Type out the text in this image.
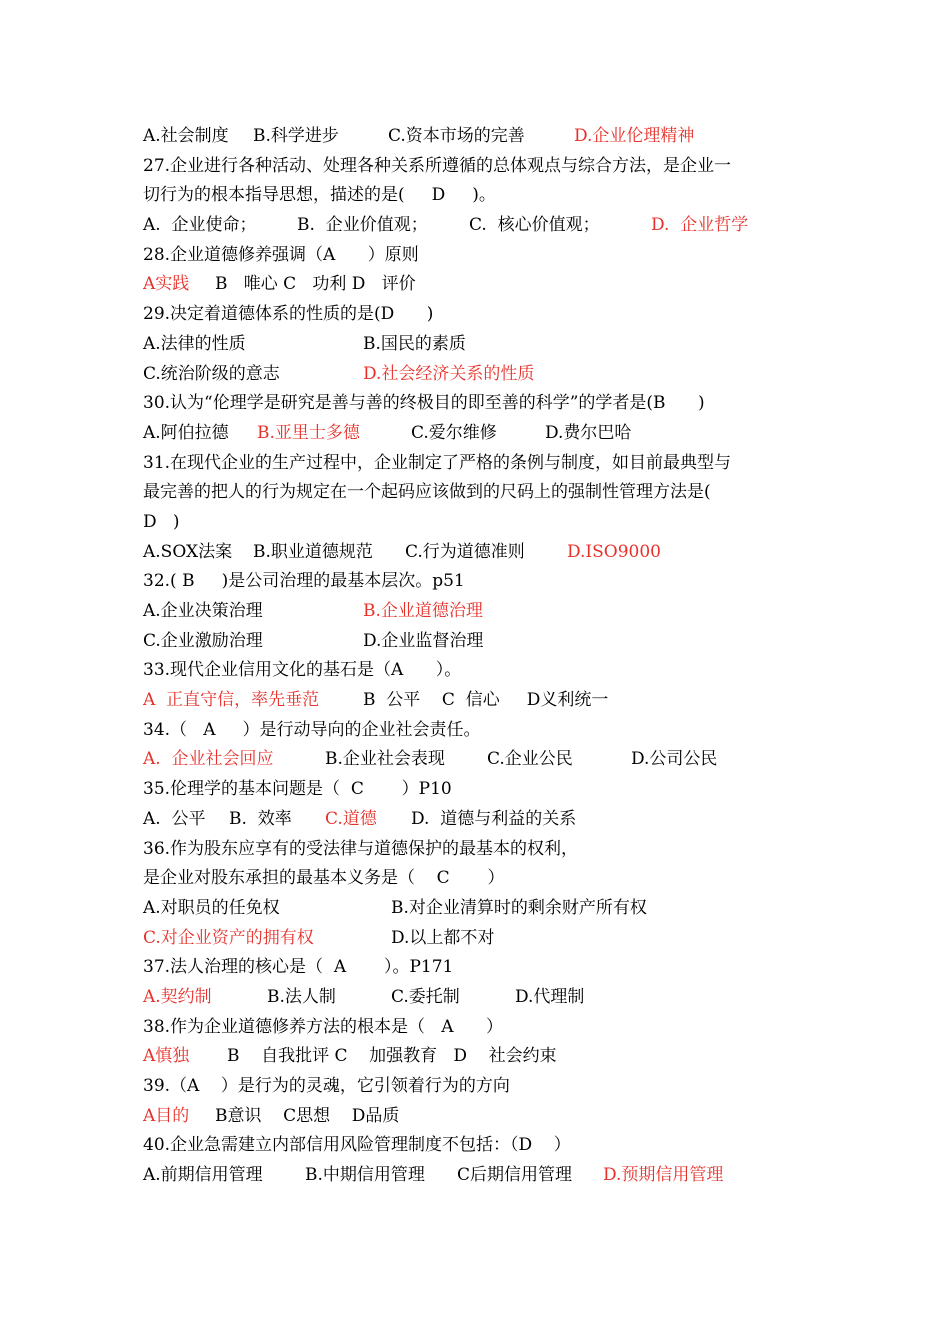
A.社会制度 B.科学进步	C.资本市场的完善	D.企业伦理精神
27.企业进行各种活动、处理各种关系所遵循的总体观点与综合方法，是企业一
切行为的根本指导思想，描述的是(     D     )。
A.  企业使命； B.  企业价值观； C.  核心价值观；	D.  企业哲学
28.企业道德修养强调（A      ）原则
A实践 B   唯心 C   功利 D   评价
29.决定着道德体系的性质的是(D      )
A.法律的性质	B.国民的素质
C.统治阶级的意志	D.社会经济关系的性质
30.认为“伦理学是研究是善与善的终极目的即至善的科学”的学者是(B      )
A.阿伯拉德 B.亚里士多德	C.爱尔维修	D.费尔巴哈
31.在现代企业的生产过程中，企业制定了严格的条例与制度，如目前最典型与
最完善的把人的行为规定在一个起码应该做到的尺码上的强制性管理方法是(
D   )
A.SOX法案 B.职业道德规范 C.行为道德准则 D.ISO9000
32.( B     )是公司治理的最基本层次。p51
A.企业决策治理	B.企业道德治理
C.企业激励治理	D.企业监督治理
33.现代企业信用文化的基石是（A      ）。
A  正直守信，率先垂范	B  公平    C  信心     D义利统一
34.（   A     ）是行动导向的企业社会责任。
A.  企业社会回应	B.企业社会表现 C.企业公民	D.公司公民
35.伦理学的基本问题是（  C       ）P10
A.  公平 B.  效率 C.道德 D.  道德与利益的关系
36.作为股东应享有的受法律与道德保护的最基本的权利，
是企业对股东承担的最基本义务是（    C       ）
A.对职员的任免权	B.对企业清算时的剩余财产所有权
C.对企业资产的拥有权	D.以上都不对
37.法人治理的核心是（  A       ）。P171
A.契约制	B.法人制	C.委托制	D.代理制
38.作为企业道德修养方法的根本是（   A      ）
A慎独 B    自我批评 C    加强教育   D    社会约束
39.（A    ）是行为的灵魂，它引领着行为的方向
A目的 B意识    C思想    D品质
40.企业急需建立内部信用风险管理制度不包括：（D    ）
A.前期信用管理 B.中期信用管理 C后期信用管理 D.预期信用管理
